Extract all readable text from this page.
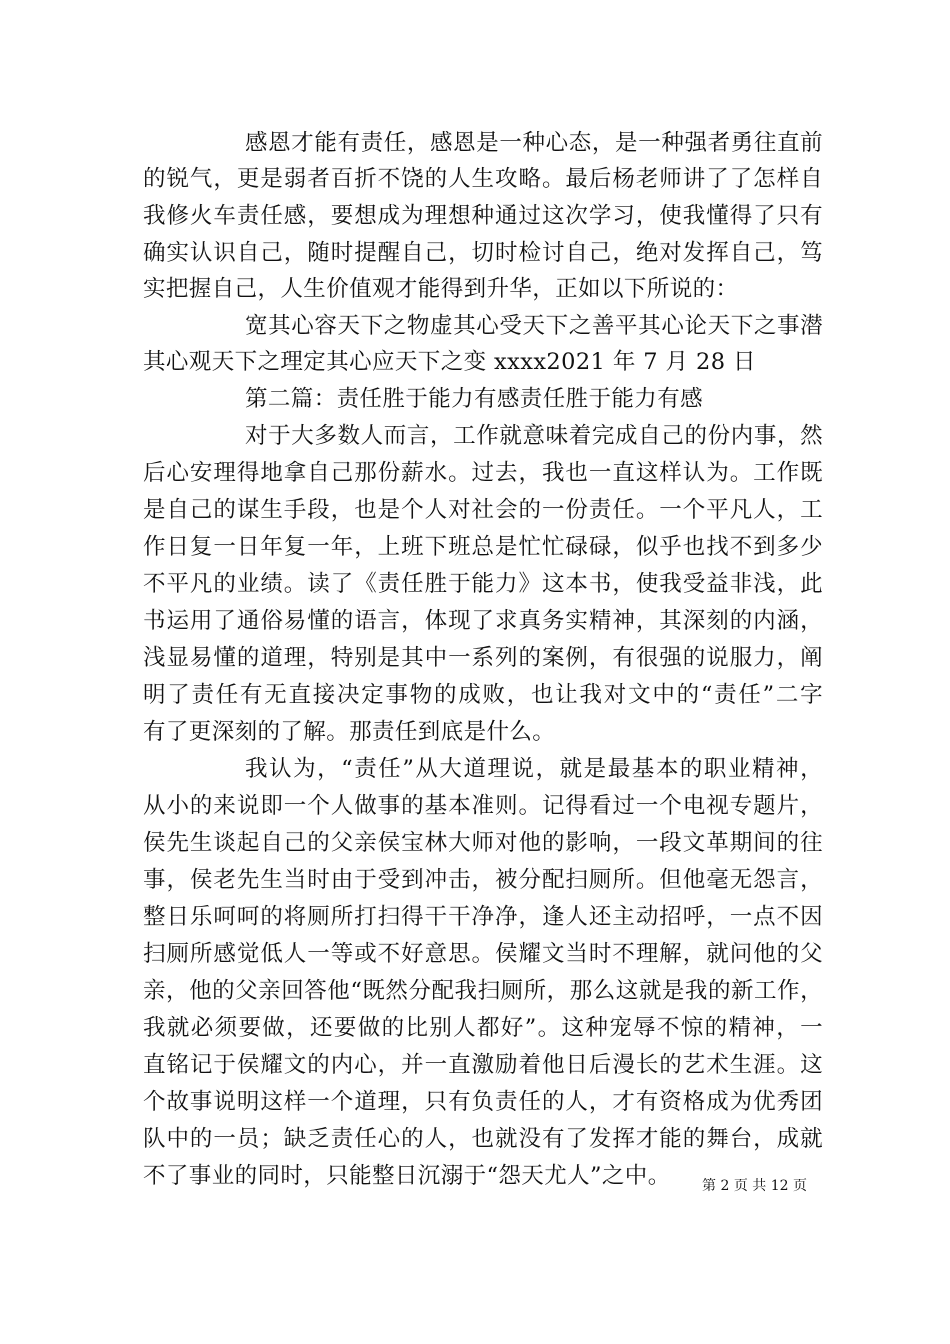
感恩才能有责任，感恩是一种心态，是一种强者勇往直前
的锐气，更是弱者百折不饶的人生攻略。最后杨老师讲了了怎样自
我修火车责任感，要想成为理想种通过这次学习，使我懂得了只有
确实认识自己，随时提醒自己，切时检讨自己，绝对发挥自己，笃
实把握自己，人生价值观才能得到升华，正如以下所说的：
宽其心容天下之物虚其心受天下之善平其心论天下之事潜
其心观天下之理定其心应天下之变 xxxx2021 年 7 月 28 日
第二篇：责任胜于能力有感责任胜于能力有感
对于大多数人而言，工作就意味着完成自己的份内事，然
后心安理得地拿自己那份薪水。过去，我也一直这样认为。工作既
是自己的谋生手段，也是个人对社会的一份责任。一个平凡人，工
作日复一日年复一年，上班下班总是忙忙碌碌，似乎也找不到多少
不平凡的业绩。读了《责任胜于能力》这本书，使我受益非浅，此
书运用了通俗易懂的语言，体现了求真务实精神，其深刻的内涵，
浅显易懂的道理，特别是其中一系列的案例，有很强的说服力，阐
明了责任有无直接决定事物的成败，也让我对文中的“责任”二字
有了更深刻的了解。那责任到底是什么。
我认为，“责任”从大道理说，就是最基本的职业精神，
从小的来说即一个人做事的基本准则。记得看过一个电视专题片，
侯先生谈起自己的父亲侯宝林大师对他的影响，一段文革期间的往
事，侯老先生当时由于受到冲击，被分配扫厕所。但他毫无怨言，
整日乐呵呵的将厕所打扫得干干净净，逢人还主动招呼，一点不因
扫厕所感觉低人一等或不好意思。侯耀文当时不理解，就问他的父
亲，他的父亲回答他“既然分配我扫厕所，那么这就是我的新工作，
我就必须要做，还要做的比别人都好”。这种宠辱不惊的精神，一
直铭记于侯耀文的内心，并一直激励着他日后漫长的艺术生涯。这
个故事说明这样一个道理，只有负责任的人，才有资格成为优秀团
队中的一员；缺乏责任心的人，也就没有了发挥才能的舞台，成就
不了事业的同时，只能整日沉溺于“怨天尤人”之中。	第 2 页 共 12 页
